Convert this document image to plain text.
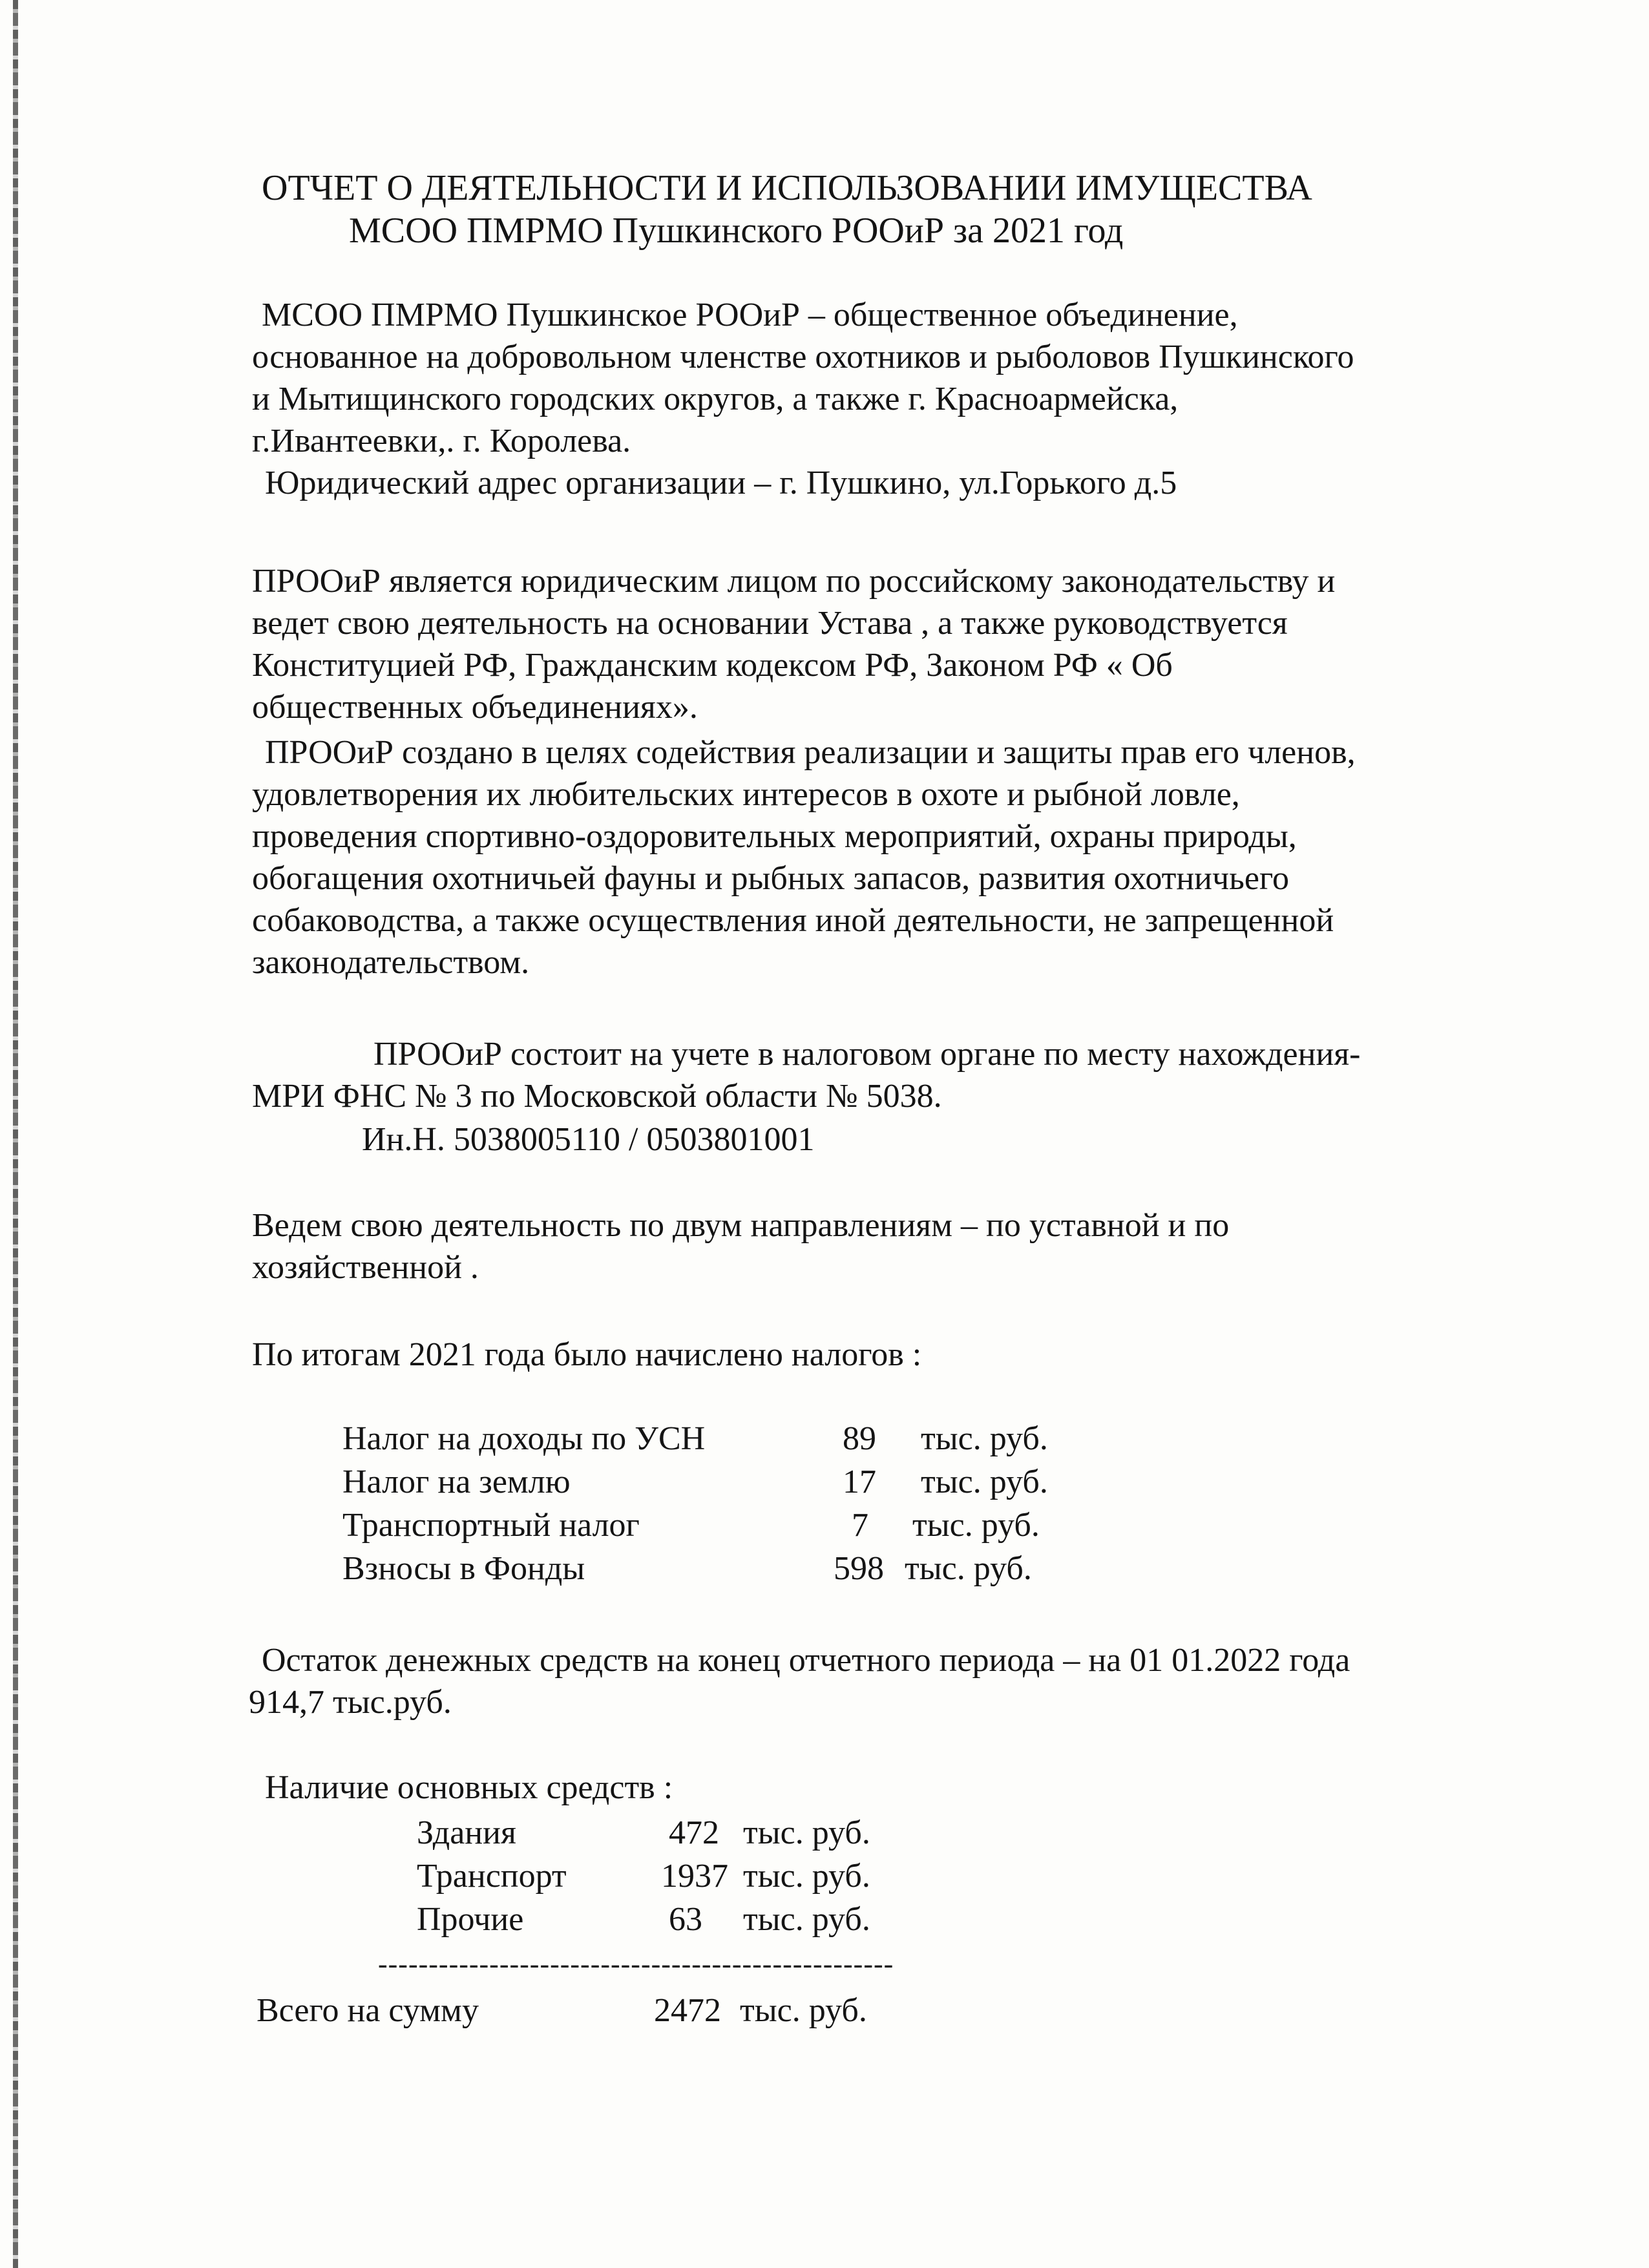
ОТЧЕТ О ДЕЯТЕЛЬНОСТИ И ИСПОЛЬЗОВАНИИ ИМУЩЕСТВА
МСОО ПМРМО Пушкинского РООиР за 2021 год
МСОО ПМРМО Пушкинское РООиР – общественное объединение,
основанное на добровольном членстве охотников и рыболовов Пушкинского
и Мытищинского городских округов, а также г. Красноармейска,
г.Ивантеевки,. г. Королева.
Юридический адрес организации – г. Пушкино, ул.Горького д.5
ПРООиР является юридическим лицом по российскому законодательству и
ведет свою деятельность на основании Устава , а также руководствуется
Конституцией РФ, Гражданским кодексом РФ, Законом РФ « Об
общественных объединениях».
ПРООиР создано в целях содействия реализации и защиты прав его членов,
удовлетворения их любительских интересов в охоте и рыбной ловле,
проведения спортивно-оздоровительных мероприятий, охраны природы,
обогащения охотничьей фауны и рыбных запасов, развития охотничьего
собаководства, а также осуществления иной деятельности, не запрещенной
законодательством.
ПРООиР состоит на учете в налоговом органе по месту нахождения-
МРИ ФНС № 3 по Московской области № 5038.
Ин.Н. 5038005110 / 0503801001
Ведем свою деятельность по двум направлениям – по уставной и по
хозяйственной .
По итогам 2021 года было начислено налогов :
Налог на доходы по УСН	89 тыс. руб.
Налог на землю	17 тыс. руб.
Транспортный налог	7 тыс. руб.
Взносы в Фонды	598 тыс. руб.
Остаток денежных средств на конец отчетного периода – на 01 01.2022 года
914,7 тыс.руб.
Наличие основных средств :
Здания	472 тыс. руб.
Транспорт	1937 тыс. руб.
Прочие	63 тыс. руб.
---------------------------------------------------
Всего на сумму	2472 тыс. руб.
